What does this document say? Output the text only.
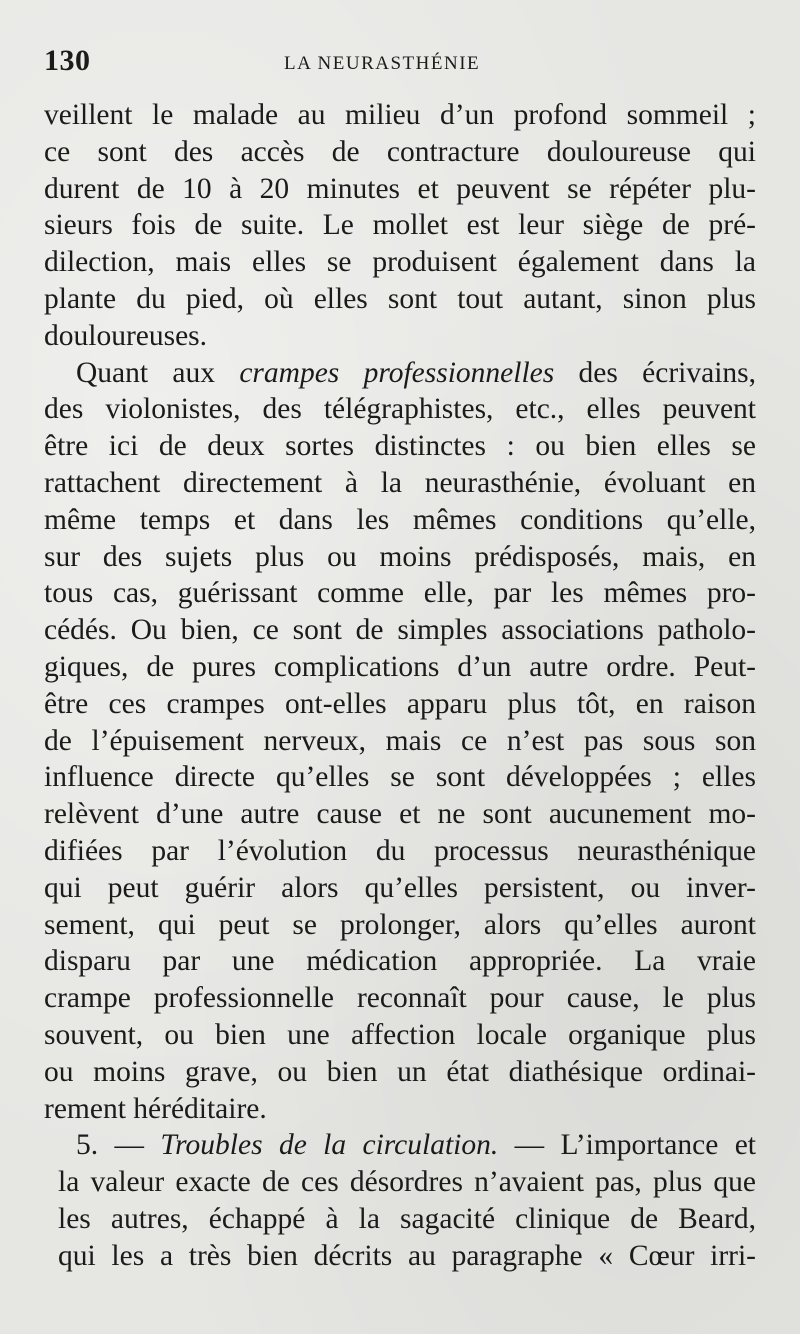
130	LA NEURASTHÉNIE
veillent le malade au milieu d’un profond sommeil ;
ce sont des accès de contracture douloureuse qui
durent de 10 à 20 minutes et peuvent se répéter plu-
sieurs fois de suite. Le mollet est leur siège de pré-
dilection, mais elles se produisent également dans la
plante du pied, où elles sont tout autant, sinon plus
douloureuses.
Quant aux crampes professionnelles des écrivains,
des violonistes, des télégraphistes, etc., elles peuvent
être ici de deux sortes distinctes : ou bien elles se
rattachent directement à la neurasthénie, évoluant en
même temps et dans les mêmes conditions qu’elle,
sur des sujets plus ou moins prédisposés, mais, en
tous cas, guérissant comme elle, par les mêmes pro-
cédés. Ou bien, ce sont de simples associations patholo-
giques, de pures complications d’un autre ordre. Peut-
être ces crampes ont-elles apparu plus tôt, en raison
de l’épuisement nerveux, mais ce n’est pas sous son
influence directe qu’elles se sont développées ; elles
relèvent d’une autre cause et ne sont aucunement mo-
difiées par l’évolution du processus neurasthénique
qui peut guérir alors qu’elles persistent, ou inver-
sement, qui peut se prolonger, alors qu’elles auront
disparu par une médication appropriée. La vraie
crampe professionnelle reconnaît pour cause, le plus
souvent, ou bien une affection locale organique plus
ou moins grave, ou bien un état diathésique ordinai-
rement héréditaire.
5. — Troubles de la circulation. — L’importance et
la valeur exacte de ces désordres n’avaient pas, plus que
les autres, échappé à la sagacité clinique de Beard,
qui les a très bien décrits au paragraphe « Cœur irri-
